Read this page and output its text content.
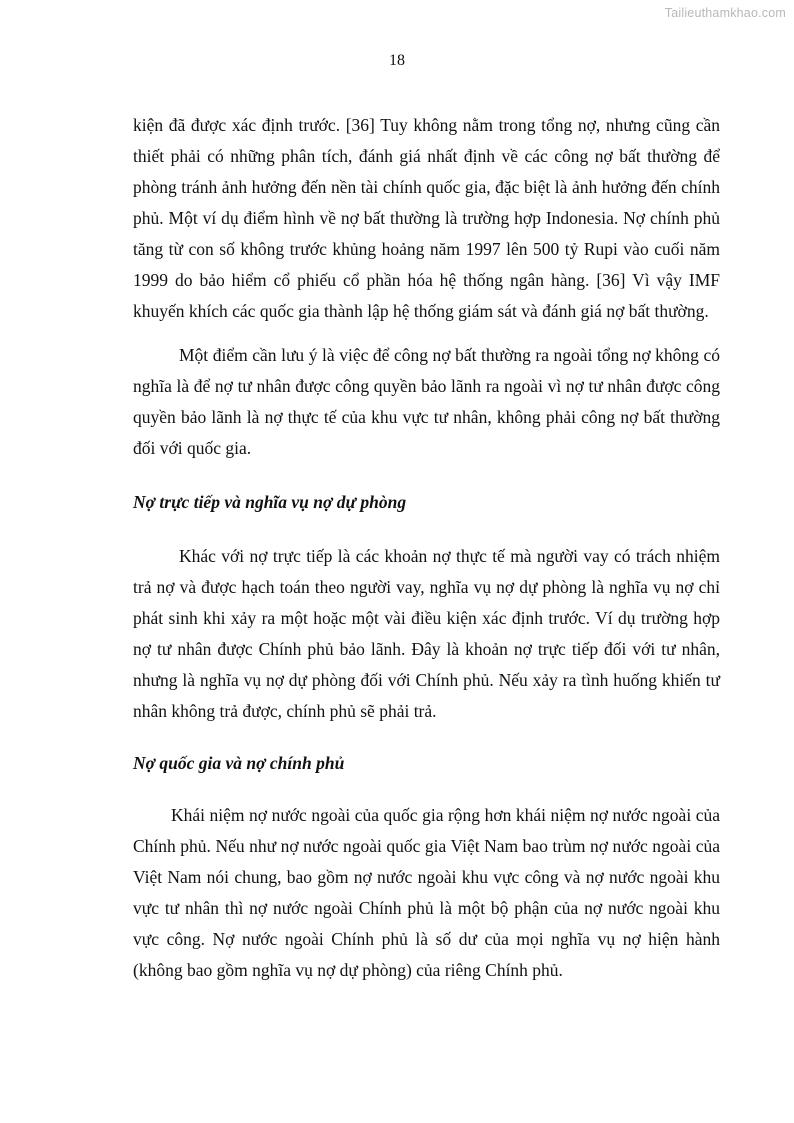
Tailieuthamkhao.com
18

kiện đã được xác định trước. [36] Tuy không nằm trong tổng nợ, nhưng cũng cần thiết phải có những phân tích, đánh giá nhất định về các công nợ bất thường để phòng tránh ảnh hưởng đến nền tài chính quốc gia, đặc biệt là ảnh hưởng đến chính phủ. Một ví dụ điểm hình về nợ bất thường là trường hợp Indonesia. Nợ chính phủ tăng từ con số không trước khủng hoảng năm 1997 lên 500 tỷ Rupi vào cuối năm 1999 do bảo hiểm cổ phiếu cổ phần hóa hệ thống ngân hàng. [36] Vì vậy IMF khuyến khích các quốc gia thành lập hệ thống giám sát và đánh giá nợ bất thường.

Một điểm cần lưu ý là việc để công nợ bất thường ra ngoài tổng nợ không có nghĩa là để nợ tư nhân được công quyền bảo lãnh ra ngoài vì nợ tư nhân được công quyền bảo lãnh là nợ thực tế của khu vực tư nhân, không phải công nợ bất thường đối với quốc gia.

Nợ trực tiếp và nghĩa vụ nợ dự phòng

Khác với nợ trực tiếp là các khoản nợ thực tế mà người vay có trách nhiệm trả nợ và được hạch toán theo người vay, nghĩa vụ nợ dự phòng là nghĩa vụ nợ chỉ phát sinh khi xảy ra một hoặc một vài điều kiện xác định trước. Ví dụ trường hợp nợ tư nhân được Chính phủ bảo lãnh. Đây là khoản nợ trực tiếp đối với tư nhân, nhưng là nghĩa vụ nợ dự phòng đối với Chính phủ. Nếu xảy ra tình huống khiến tư nhân không trả được, chính phủ sẽ phải trả.

Nợ quốc gia và nợ chính phủ

Khái niệm nợ nước ngoài của quốc gia rộng hơn khái niệm nợ nước ngoài của Chính phủ. Nếu như nợ nước ngoài quốc gia Việt Nam bao trùm nợ nước ngoài của Việt Nam nói chung, bao gồm nợ nước ngoài khu vực công và nợ nước ngoài khu vực tư nhân thì nợ nước ngoài Chính phủ là một bộ phận của nợ nước ngoài khu vực công. Nợ nước ngoài Chính phủ là số dư của mọi nghĩa vụ nợ hiện hành (không bao gồm nghĩa vụ nợ dự phòng) của riêng Chính phủ.
